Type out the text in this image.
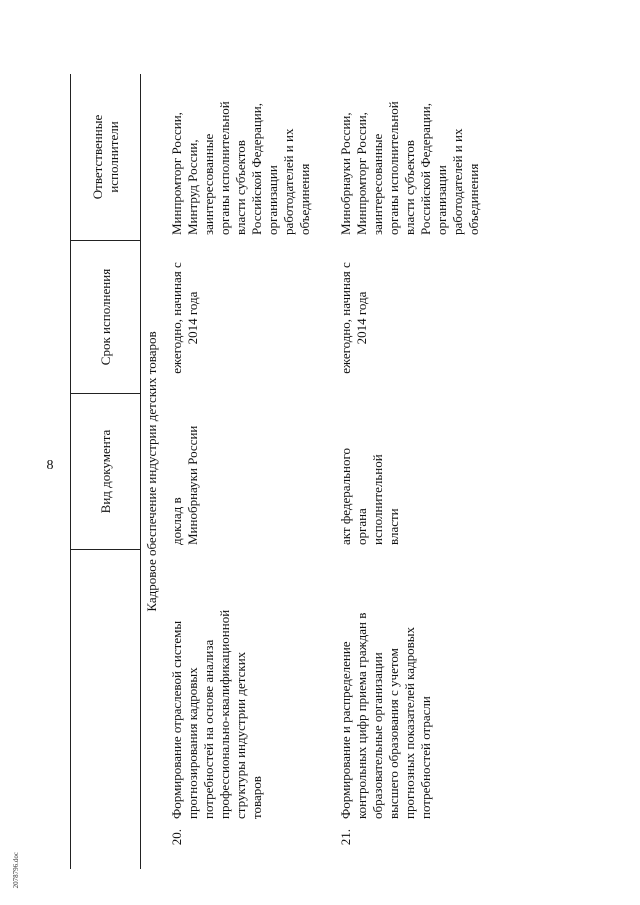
8
2078796.doc
Вид документа
Срок исполнения
Ответственные исполнители
Кадровое обеспечение индустрии детских товаров
20.
Формирование отраслевой системы прогнозирования кадровых потребностей на основе анализа профессионально-квалификационной структуры индустрии детских товаров
доклад в Минобрнауки России
ежегодно, начиная с 2014 года
Минпромторг России, Минтруд России, заинтересованные органы исполнительной власти субъектов Российской Федерации, организации работодателей и их объединения
21.
Формирование и распределение контрольных цифр приема граждан в образовательные организации высшего образования с учетом прогнозных показателей кадровых потребностей отрасли
акт федерального органа исполнительной власти
ежегодно, начиная с 2014 года
Минобрнауки России, Минпромторг России, заинтересованные органы исполнительной власти субъектов Российской Федерации, организации работодателей и их объединения
